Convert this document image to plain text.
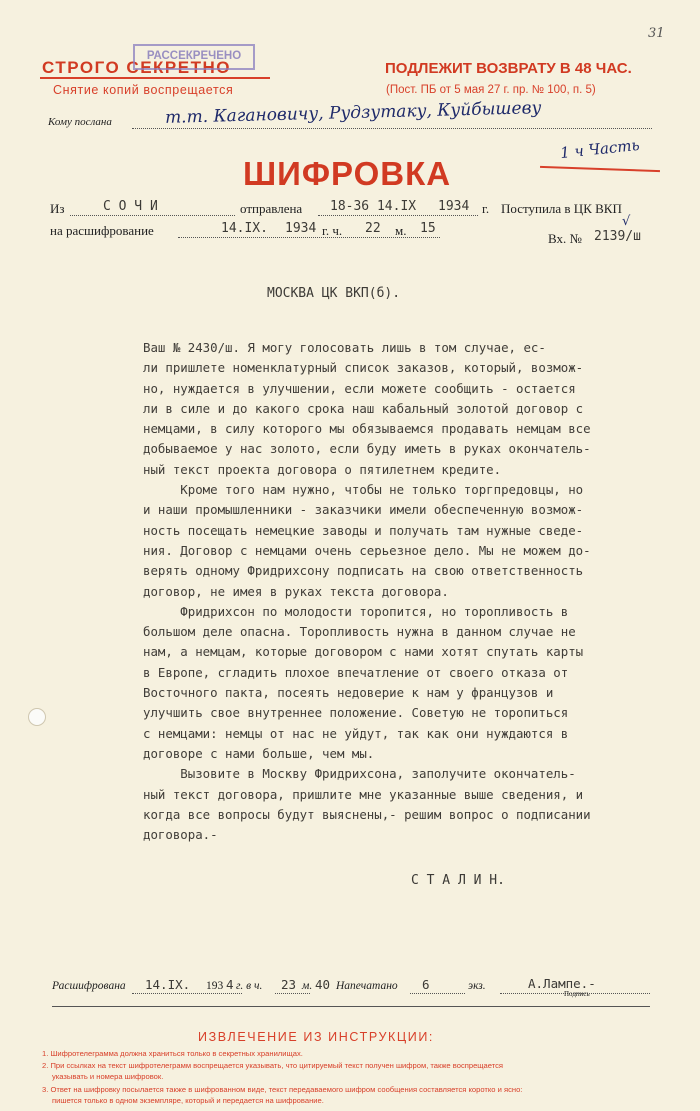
31
СТРОГО СЕКРЕТНО
РАССЕКРЕЧЕНО
Снятие копий воспрещается
ПОДЛЕЖИТ ВОЗВРАТУ В 48 ЧАС.
(Пост. ПБ от 5 мая 27 г. пр. № 100, п. 5)
Кому послана	т.т. Кагановичу, Рудзутаку, Куйбышеву
1 ч Часть
ШИФРОВКА
Из	С О Ч И	отправлена 18-36 14.IX 1934 г. Поступила в ЦК ВКП
на расшифрование	14.IX. 1934 г. ч. 22 м. 15
Вх. № 2139/ш
√
МОСКВА ЦК ВКП(б).
Ваш № 2430/ш. Я могу голосовать лишь в том случае, ес-
ли пришлете номенклатурный список заказов, который, возмож-
но, нуждается в улучшении, если можете сообщить - остается
ли в силе и до какого срока наш кабальный золотой договор с
немцами, в силу которого мы обязываемся продавать немцам все
добываемое у нас золото, если буду иметь в руках окончатель-
ный текст проекта договора о пятилетнем кредите.
Кроме того нам нужно, чтобы не только торгпредовцы, но
и наши промышленники - заказчики имели обеспеченную возмож-
ность посещать немецкие заводы и получать там нужные сведе-
ния. Договор с немцами очень серьезное дело. Мы не можем до-
верять одному Фридрихсону подписать на свою ответственность
договор, не имея в руках текста договора.
Фридрихсон по молодости торопится, но торопливость в
большом деле опасна. Торопливость нужна в данном случае не
нам, а немцам, которые договором с нами хотят спутать карты
в Европе, сгладить плохое впечатление от своего отказа от
Восточного пакта, посеять недоверие к нам у французов и
улучшить свое внутреннее положение. Советую не торопиться
с немцами: немцы от нас не уйдут, так как они нуждаются в
договоре с нами больше, чем мы.
Вызовите в Москву Фридрихсона, заполучите окончатель-
ный текст договора, пришлите мне указанные выше сведения, и
когда все вопросы будут выяснены,- решим вопрос о подписании
договора.-
С Т А Л И Н.
Расшифрована 14.IX. 193 4 г. в ч. 23 м. 40 Напечатано 6	экз.	А.Лампе.-
Подпись
ИЗВЛЕЧЕНИЕ ИЗ ИНСТРУКЦИИ:
1. Шифротелеграмма должна храниться только в секретных хранилищах.
2. При ссылках на текст шифротелеграмм воспрещается указывать, что цитируемый текст получен шифром, также воспрещается
указывать и номера шифровок.
3. Ответ на шифровку посылается также в шифрованном виде, текст передаваемого шифром сообщения составляется коротко и ясно:
пишется только в одном экземпляре, который и передается на шифрование.
